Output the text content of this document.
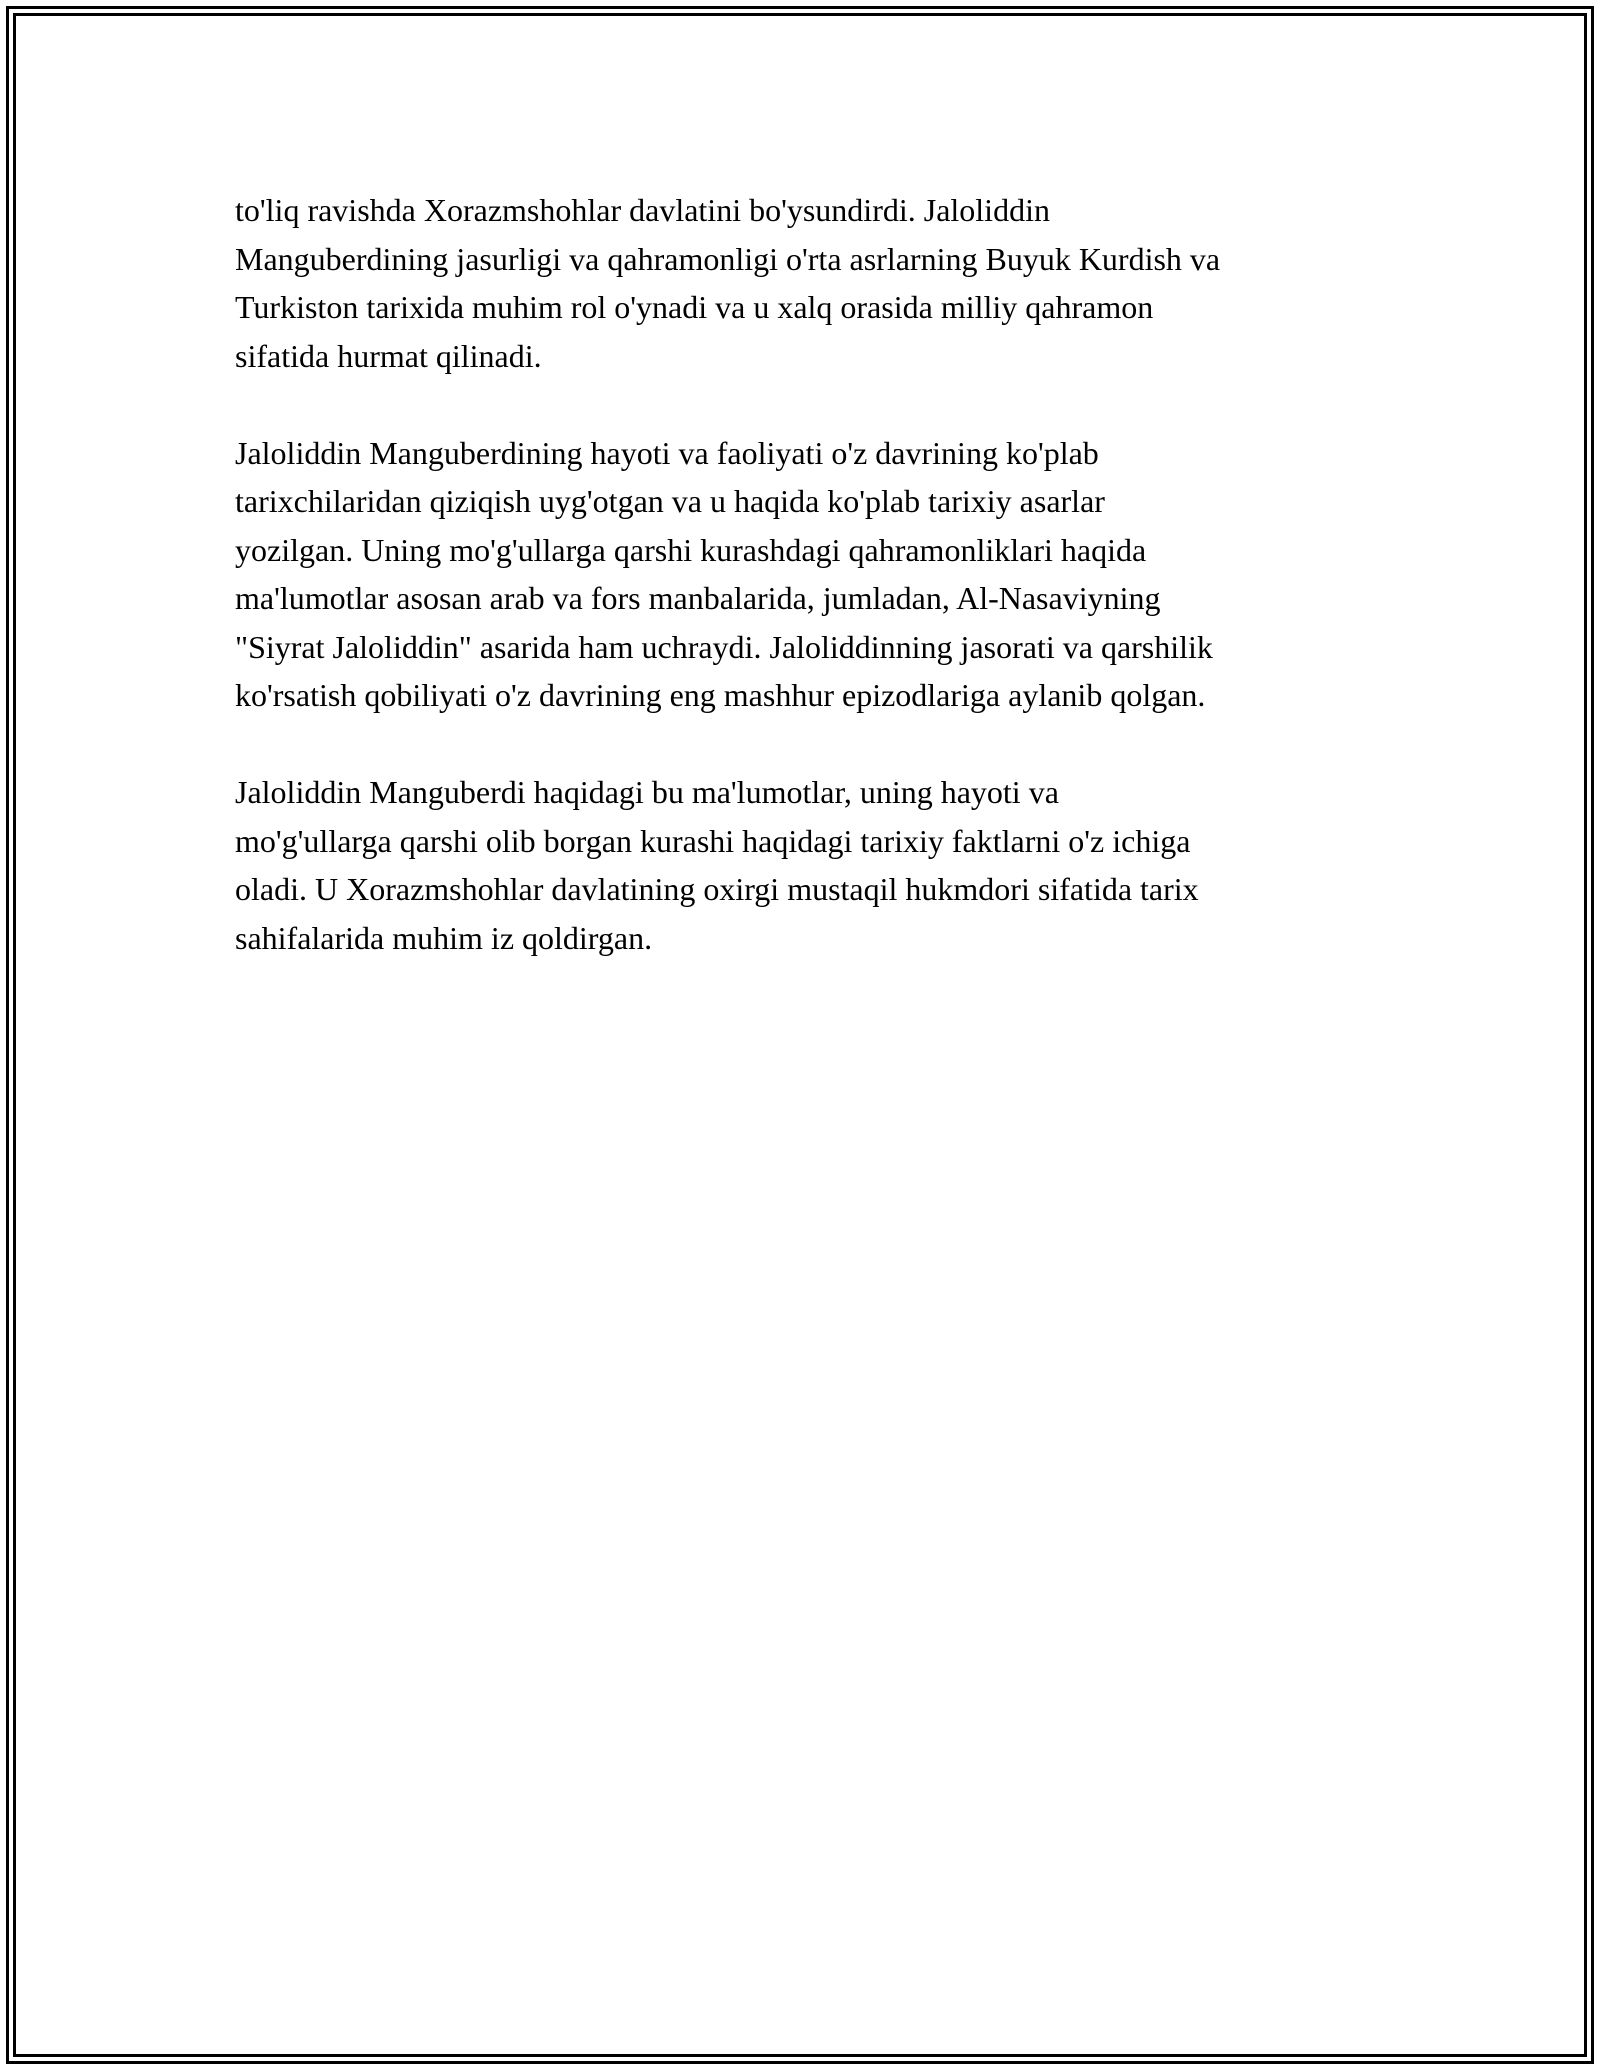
to'liq ravishda Xorazmshohlar davlatini bo'ysundirdi. Jaloliddin
Manguberdining jasurligi va qahramonligi o'rta asrlarning Buyuk Kurdish va
Turkiston tarixida muhim rol o'ynadi va u xalq orasida milliy qahramon
sifatida hurmat qilinadi.

Jaloliddin Manguberdining hayoti va faoliyati o'z davrining ko'plab
tarixchilaridan qiziqish uyg'otgan va u haqida ko'plab tarixiy asarlar
yozilgan. Uning mo'g'ullarga qarshi kurashdagi qahramonliklari haqida
ma'lumotlar asosan arab va fors manbalarida, jumladan, Al-Nasaviyning
"Siyrat Jaloliddin" asarida ham uchraydi. Jaloliddinning jasorati va qarshilik
ko'rsatish qobiliyati o'z davrining eng mashhur epizodlariga aylanib qolgan.

Jaloliddin Manguberdi haqidagi bu ma'lumotlar, uning hayoti va
mo'g'ullarga qarshi olib borgan kurashi haqidagi tarixiy faktlarni o'z ichiga
oladi. U Xorazmshohlar davlatining oxirgi mustaqil hukmdori sifatida tarix
sahifalarida muhim iz qoldirgan.
